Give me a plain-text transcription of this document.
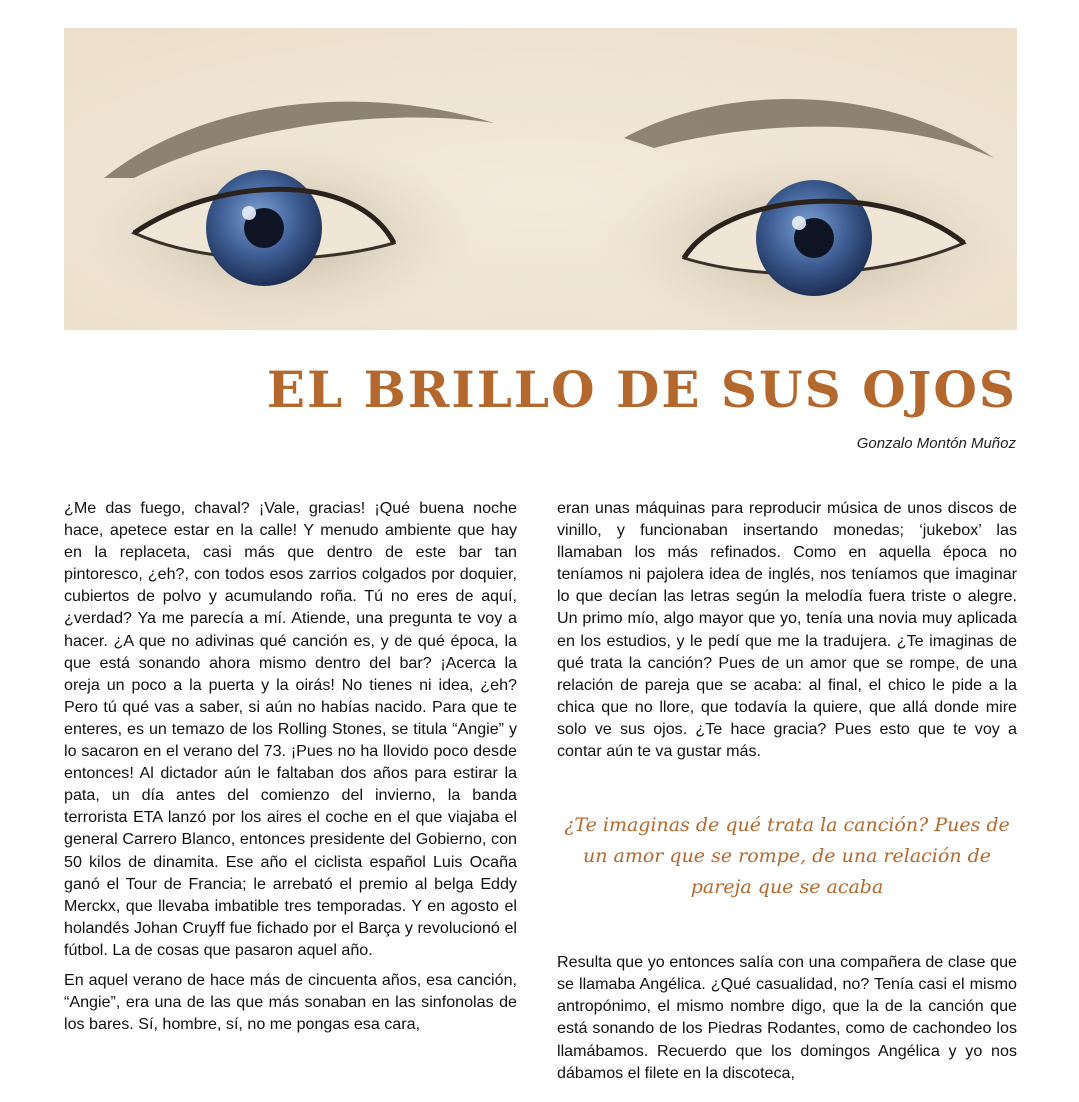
EL BRILLO DE SUS OJOS

Gonzalo Montón Muñoz

¿Me das fuego, chaval? ¡Vale, gracias! ¡Qué buena noche hace, apetece estar en la calle! Y menudo ambiente que hay en la replaceta, casi más que dentro de este bar tan pintoresco, ¿eh?, con todos esos zarrios colgados por doquier, cubiertos de polvo y acumulando roña. Tú no eres de aquí, ¿verdad? Ya me parecía a mí. Atiende, una pregunta te voy a hacer. ¿A que no adivinas qué canción es, y de qué época, la que está sonando ahora mismo dentro del bar? ¡Acerca la oreja un poco a la puerta y la oirás! No tienes ni idea, ¿eh? Pero tú qué vas a saber, si aún no habías nacido. Para que te enteres, es un temazo de los Rolling Stones, se titula “Angie” y lo sacaron en el verano del 73. ¡Pues no ha llovido poco desde entonces! Al dictador aún le faltaban dos años para estirar la pata, un día antes del comienzo del invierno, la banda terrorista ETA lanzó por los aires el coche en el que viajaba el general Carrero Blanco, entonces presidente del Gobierno, con 50 kilos de dinamita. Ese año el ciclista español Luis Ocaña ganó el Tour de Francia; le arrebató el premio al belga Eddy Merckx, que llevaba imbatible tres temporadas. Y en agosto el holandés Johan Cruyff fue fichado por el Barça y revolucionó el fútbol. La de cosas que pasaron aquel año.

En aquel verano de hace más de cincuenta años, esa canción, “Angie”, era una de las que más sonaban en las sinfonolas de los bares. Sí, hombre, sí, no me pongas esa cara,

eran unas máquinas para reproducir música de unos discos de vinillo, y funcionaban insertando monedas; ‘jukebox’ las llamaban los más refinados. Como en aquella época no teníamos ni pajolera idea de inglés, nos teníamos que imaginar lo que decían las letras según la melodía fuera triste o alegre. Un primo mío, algo mayor que yo, tenía una novia muy aplicada en los estudios, y le pedí que me la tradujera. ¿Te imaginas de qué trata la canción? Pues de un amor que se rompe, de una relación de pareja que se acaba: al final, el chico le pide a la chica que no llore, que todavía la quiere, que allá donde mire solo ve sus ojos. ¿Te hace gracia? Pues esto que te voy a contar aún te va gustar más.

¿Te imaginas de qué trata la canción? Pues de un amor que se rompe, de una relación de pareja que se acaba

Resulta que yo entonces salía con una compañera de clase que se llamaba Angélica. ¿Qué casualidad, no? Tenía casi el mismo antropónimo, el mismo nombre digo, que la de la canción que está sonando de los Piedras Rodantes, como de cachondeo los llamábamos. Recuerdo que los domingos Angélica y yo nos dábamos el filete en la discoteca,
